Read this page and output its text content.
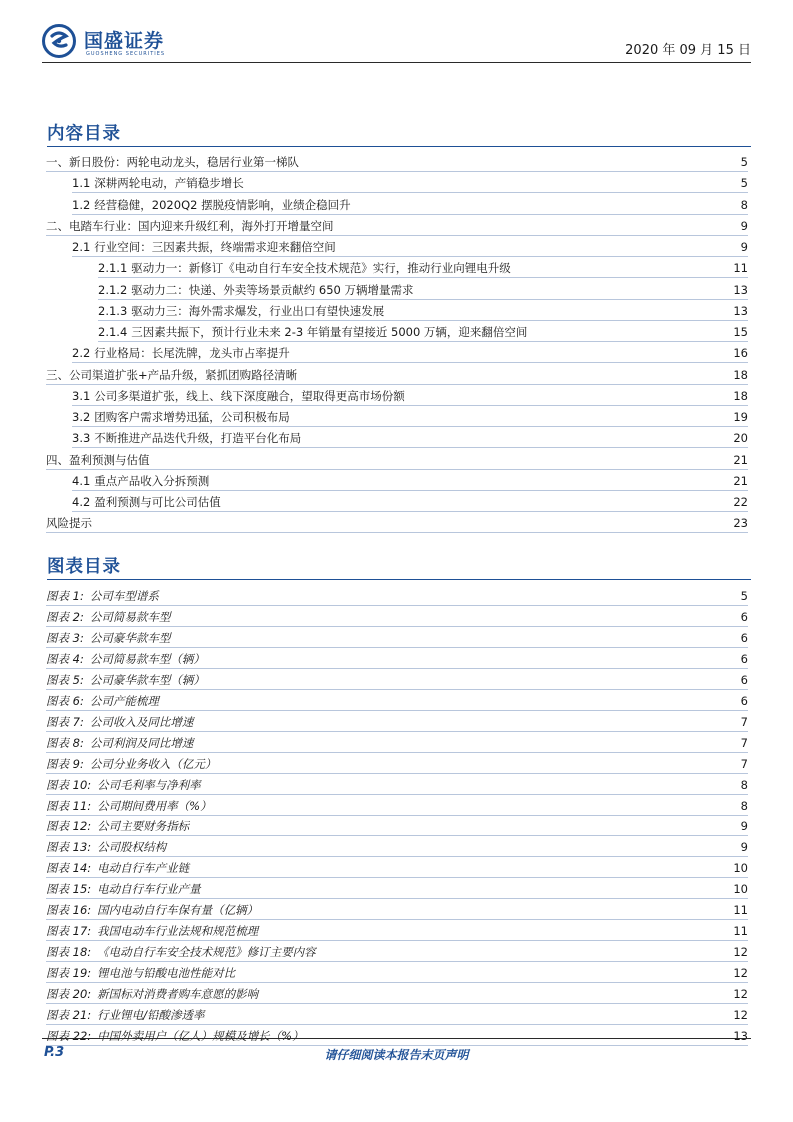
国盛证券
GUOSHENG SECURITIES	2020 年 09 月 15 日
内容目录
一、新日股份：两轮电动龙头，稳居行业第一梯队	5
1.1 深耕两轮电动，产销稳步增长	5
1.2 经营稳健，2020Q2 摆脱疫情影响，业绩企稳回升	8
二、电踏车行业：国内迎来升级红利，海外打开增量空间	9
2.1 行业空间：三因素共振，终端需求迎来翻倍空间	9
2.1.1 驱动力一：新修订《电动自行车安全技术规范》实行，推动行业向锂电升级	11
2.1.2 驱动力二：快递、外卖等场景贡献约 650 万辆增量需求	13
2.1.3 驱动力三：海外需求爆发，行业出口有望快速发展	13
2.1.4 三因素共振下，预计行业未来 2-3 年销量有望接近 5000 万辆，迎来翻倍空间	15
2.2 行业格局：长尾洗牌，龙头市占率提升	16
三、公司渠道扩张+产品升级，紧抓团购路径清晰	18
3.1 公司多渠道扩张，线上、线下深度融合，望取得更高市场份额	18
3.2 团购客户需求增势迅猛，公司积极布局	19
3.3 不断推进产品迭代升级，打造平台化布局	20
四、盈利预测与估值	21
4.1 重点产品收入分拆预测	21
4.2 盈利预测与可比公司估值	22
风险提示	23
图表目录
图表 1: 公司车型谱系	5
图表 2: 公司简易款车型	6
图表 3: 公司豪华款车型	6
图表 4: 公司简易款车型（辆）	6
图表 5: 公司豪华款车型（辆）	6
图表 6: 公司产能梳理	6
图表 7: 公司收入及同比增速	7
图表 8: 公司利润及同比增速	7
图表 9: 公司分业务收入（亿元）	7
图表 10: 公司毛利率与净利率	8
图表 11: 公司期间费用率（%）	8
图表 12: 公司主要财务指标	9
图表 13: 公司股权结构	9
图表 14: 电动自行车产业链	10
图表 15: 电动自行车行业产量	10
图表 16: 国内电动自行车保有量（亿辆）	11
图表 17: 我国电动车行业法规和规范梳理	11
图表 18: 《电动自行车安全技术规范》修订主要内容	12
图表 19: 锂电池与铅酸电池性能对比	12
图表 20: 新国标对消费者购车意愿的影响	12
图表 21: 行业锂电/铅酸渗透率	12
图表 22: 中国外卖用户（亿人）规模及增长（%）	13
P.3	请仔细阅读本报告末页声明
